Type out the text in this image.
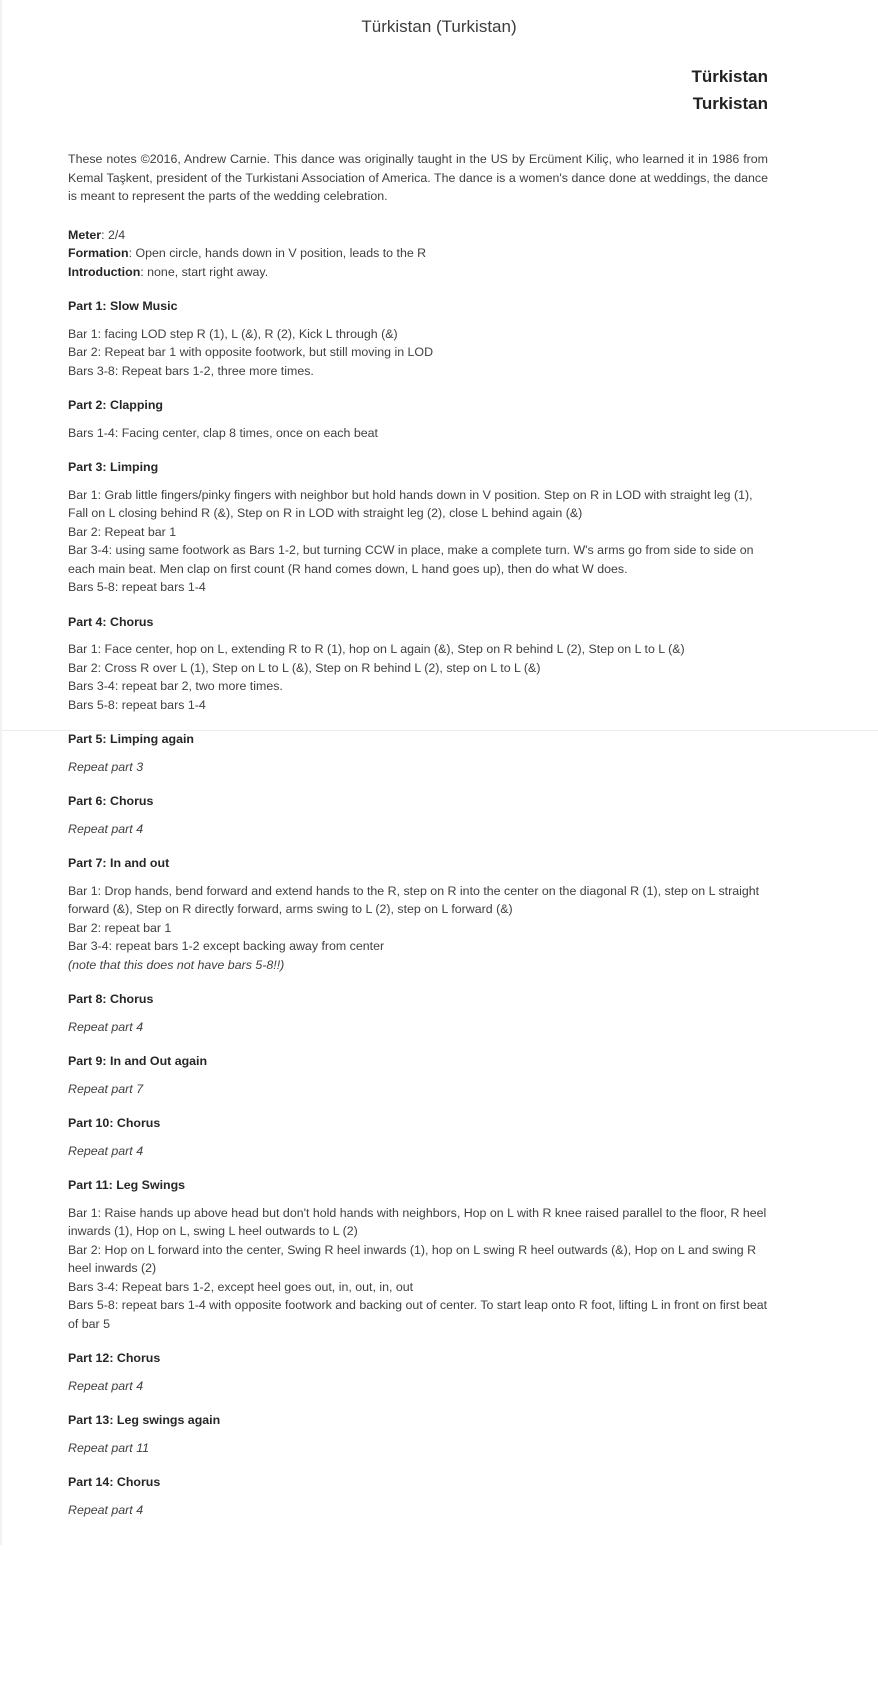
Türkistan (Turkistan)
Türkistan
Turkistan

These notes ©2016, Andrew Carnie. This dance was originally taught in the US by Ercüment Kiliç, who learned it in 1986 from Kemal Taşkent, president of the Turkistani Association of America. The dance is a women's dance done at weddings, the dance is meant to represent the parts of the wedding celebration.

Meter: 2/4

Formation: Open circle, hands down in V position, leads to the R

Introduction: none, start right away.

Part 1: Slow Music

Bar 1: facing LOD step R (1), L (&), R (2), Kick L through (&)

Bar 2: Repeat bar 1 with opposite footwork, but still moving in LOD

Bars 3-8: Repeat bars 1-2, three more times.

Part 2: Clapping

Bars 1-4: Facing center, clap 8 times, once on each beat

Part 3: Limping

Bar 1: Grab little fingers/pinky fingers with neighbor but hold hands down in V position. Step on R in LOD with straight leg (1), Fall on L closing behind R (&), Step on R in LOD with straight leg (2), close L behind again (&)

Bar 2: Repeat bar 1

Bar 3-4: using same footwork as Bars 1-2, but turning CCW in place, make a complete turn. W's arms go from side to side on each main beat. Men clap on first count (R hand comes down, L hand goes up), then do what W does.

Bars 5-8: repeat bars 1-4

Part 4: Chorus

Bar 1: Face center, hop on L, extending R to R (1), hop on L again (&), Step on R behind L (2), Step on L to L (&)

Bar 2: Cross R over L (1), Step on L to L (&), Step on R behind L (2), step on L to L (&)

Bars 3-4: repeat bar 2, two more times.

Bars 5-8: repeat bars 1-4

Part 5: Limping again

Repeat part 3

Part 6: Chorus

Repeat part 4

Part 7: In and out

Bar 1: Drop hands, bend forward and extend hands to the R, step on R into the center on the diagonal R (1), step on L straight forward (&), Step on R directly forward, arms swing to L (2), step on L forward (&)

Bar 2: repeat bar 1

Bar 3-4: repeat bars 1-2 except backing away from center

(note that this does not have bars 5-8!!)

Part 8: Chorus

Repeat part 4

Part 9: In and Out again

Repeat part 7

Part 10: Chorus

Repeat part 4

Part 11: Leg Swings

Bar 1: Raise hands up above head but don't hold hands with neighbors, Hop on L with R knee raised parallel to the floor, R heel inwards (1), Hop on L, swing L heel outwards to L (2)

Bar 2: Hop on L forward into the center, Swing R heel inwards (1), hop on L swing R heel outwards (&), Hop on L and swing R heel inwards (2)

Bars 3-4: Repeat bars 1-2, except heel goes out, in, out, in, out

Bars 5-8: repeat bars 1-4 with opposite footwork and backing out of center. To start leap onto R foot, lifting L in front on first beat of bar 5

Part 12: Chorus

Repeat part 4

Part 13: Leg swings again

Repeat part 11

Part 14: Chorus

Repeat part 4
